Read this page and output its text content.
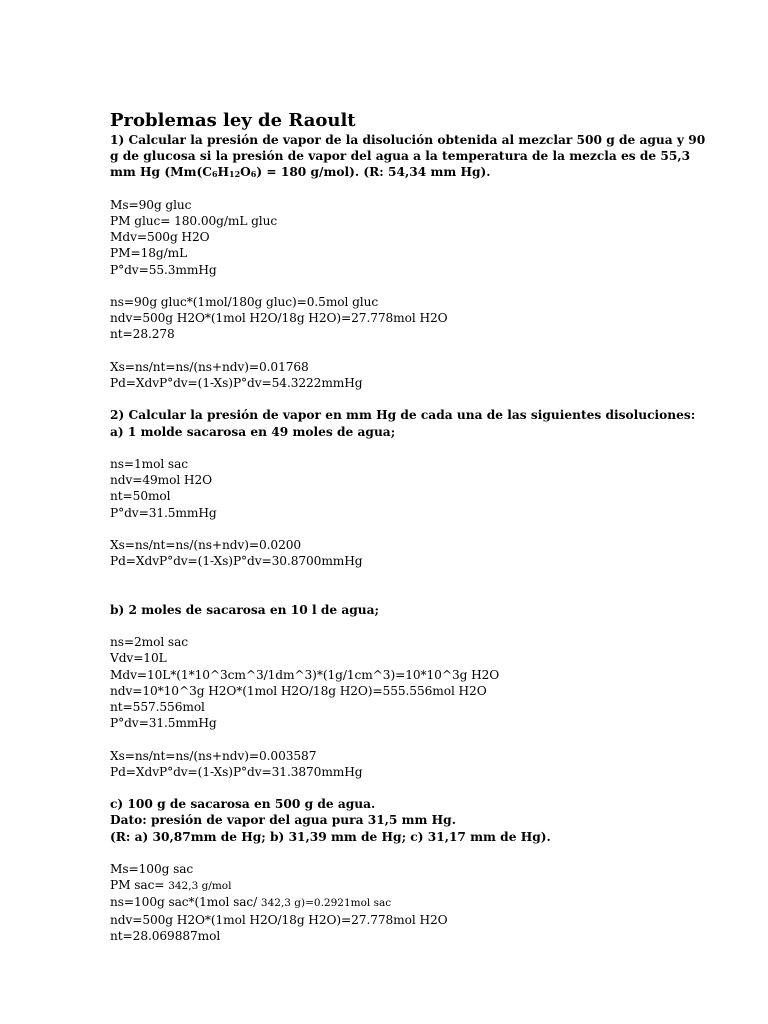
Problemas ley de Raoult

1) Calcular la presión de vapor de la disolución obtenida al mezclar 500 g de agua y 90

g de glucosa si la presión de vapor del agua a la temperatura de la mezcla es de 55,3

mm Hg ($Mm(C_6H_{12}O_6) = 180$ g/mol). (R: 54,34 mm Hg).

Ms=90g gluc

PM gluc= 180.00g/mL gluc

Mdv=500g H2O

PM=18g/mL

P°dv=55.3mmHg

ns=90g gluc*(1mol/180g gluc)=0.5mol gluc

ndv=500g H2O*(1mol H2O/18g H2O)=27.778mol H2O

nt=28.278

Xs=ns/nt=ns/(ns+ndv)=0.01768

Pd=XdvP°dv=(1-Xs)P°dv=54.3222mmHg

2) Calcular la presión de vapor en mm Hg de cada una de las siguientes disoluciones:

a) 1 molde sacarosa en 49 moles de agua;

ns=1mol sac

ndv=49mol H2O

nt=50mol

P°dv=31.5mmHg

Xs=ns/nt=ns/(ns+ndv)=0.0200

Pd=XdvP°dv=(1-Xs)P°dv=30.8700mmHg

b) 2 moles de sacarosa en 10 l de agua;

ns=2mol sac

Vdv=10L

Mdv=10L*(1*10^3cm^3/1dm^3)*(1g/1cm^3)=10*10^3g H2O

ndv=10*10^3g H2O*(1mol H2O/18g H2O)=555.556mol H2O

nt=557.556mol

P°dv=31.5mmHg

Xs=ns/nt=ns/(ns+ndv)=0.003587

Pd=XdvP°dv=(1-Xs)P°dv=31.3870mmHg

c) 100 g de sacarosa en 500 g de agua.

Dato: presión de vapor del agua pura 31,5 mm Hg.

(R: a) 30,87mm de Hg; b) 31,39 mm de Hg; c) 31,17 mm de Hg).

Ms=100g sac

PM sac= 342,3 g/mol

ns=100g sac*(1mol sac/ 342,3 g)=0.2921mol sac

ndv=500g H2O*(1mol H2O/18g H2O)=27.778mol H2O

nt=28.069887mol
